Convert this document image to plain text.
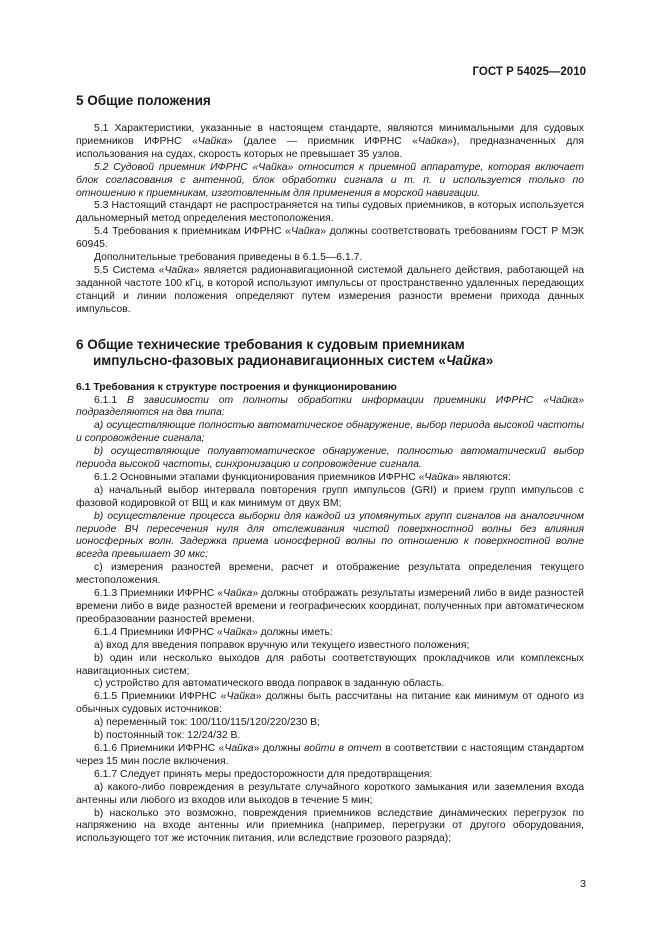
ГОСТ Р 54025—2010
5 Общие положения

5.1 Характеристики, указанные в настоящем стандарте, являются минимальными для судовых приемников ИФРНС «Чайка» (далее — приемник ИФРНС «Чайка»), предназначенных для использования на судах, скорость которых не превышает 35 узлов.

5.2 Судовой приемник ИФРНС «Чайка» относится к приемной аппаратуре, которая включает блок согласования с антенной, блок обработки сигнала и т. п. и используется только по отношению к приемникам, изготовленным для применения в морской навигации.

5.3 Настоящий стандарт не распространяется на типы судовых приемников, в которых используется дальномерный метод определения местоположения.

5.4 Требования к приемникам ИФРНС «Чайка» должны соответствовать требованиям ГОСТ Р МЭК 60945.

Дополнительные требования приведены в 6.1.5—6.1.7.

5.5 Система «Чайка» является радионавигационной системой дальнего действия, работающей на заданной частоте 100 кГц, в которой используют импульсы от пространственно удаленных передающих станций и линии положения определяют путем измерения разности времени прихода данных импульсов.

6 Общие технические требования к судовым приемникам
импульсно-фазовых радионавигационных систем «Чайка»
6.1 Требования к структуре построения и функционированию

6.1.1 В зависимости от полноты обработки информации приемники ИФРНС «Чайка» подразделяются на два типа:

а) осуществляющие полностью автоматическое обнаружение, выбор периода высокой частоты и сопровождение сигнала;

b) осуществляющие полуавтоматическое обнаружение, полностью автоматический выбор периода высокой частоты, синхронизацию и сопровождение сигнала.

6.1.2 Основными этапами функционирования приемников ИФРНС «Чайка» являются:

а) начальный выбор интервала повторения групп импульсов (GRI) и прием групп импульсов с фазовой кодировкой от ВЩ и как минимум от двух ВМ;

b) осуществление процесса выборки для каждой из упомянутых групп сигналов на аналогичном периоде ВЧ пересечения нуля для отслеживания чистой поверхностной волны без влияния ионосферных волн. Задержка приема ионосферной волны по отношению к поверхностной волне всегда превышает 30 мкс;

с) измерения разностей времени, расчет и отображение результата определения текущего местоположения.

6.1.3 Приемники ИФРНС «Чайка» должны отображать результаты измерений либо в виде разностей времени либо в виде разностей времени и географических координат, полученных при автоматическом преобразовании разностей времени.

6.1.4 Приемники ИФРНС «Чайка» должны иметь:

а) вход для введения поправок вручную или текущего известного положения;

b) один или несколько выходов для работы соответствующих прокладчиков или комплексных навигационных систем;

с) устройство для автоматического ввода поправок в заданную область.

6.1.5 Приемники ИФРНС «Чайка» должны быть рассчитаны на питание как минимум от одного из обычных судовых источников:

а) переменный ток: 100/110/115/120/220/230 В;

b) постоянный ток: 12/24/32 В.

6.1.6 Приемники ИФРНС «Чайка» должны войти в отчет в соответствии с настоящим стандартом через 15 мин после включения.

6.1.7 Следует принять меры предосторожности для предотвращения:

а) какого-либо повреждения в результате случайного короткого замыкания или заземления входа антенны или любого из входов или выходов в течение 5 мин;

b) насколько это возможно, повреждения приемников вследствие динамических перегрузок по напряжению на входе антенны или приемника (например, перегрузки от другого оборудования, использующего тот же источник питания, или вследствие грозового разряда);

3
